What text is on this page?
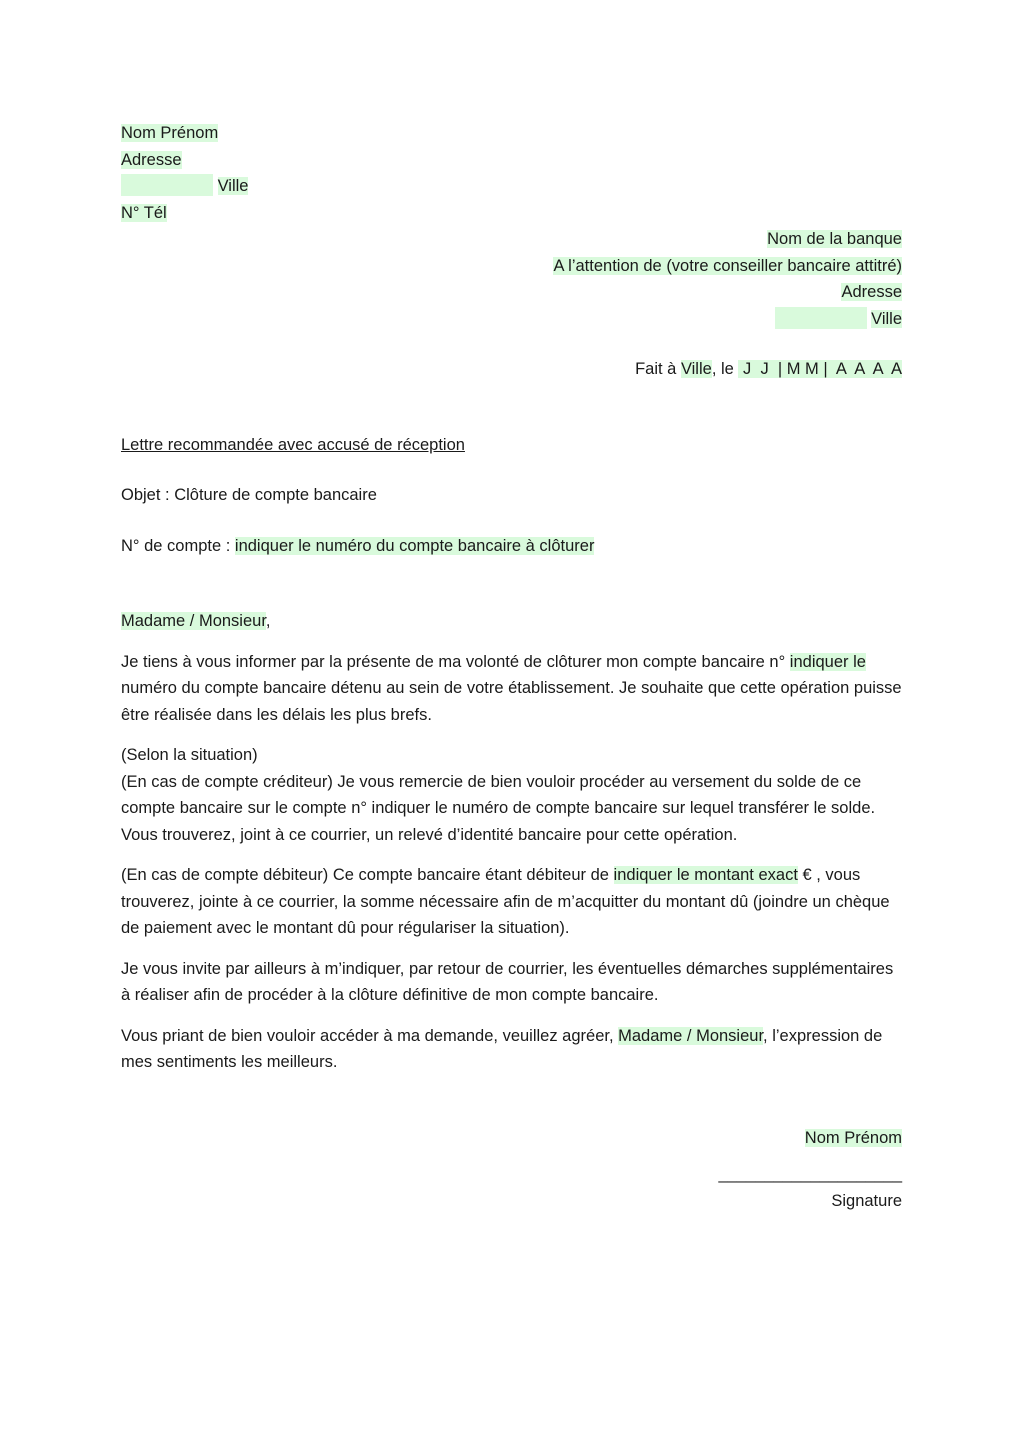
Nom Prénom
Adresse
Ville
N° Tél
Nom de la banque
A l’attention de (votre conseiller bancaire attitré)
Adresse
Ville
Fait à Ville, le  J  J  | M M |  A  A  A  A
Lettre recommandée avec accusé de réception
Objet : Clôture de compte bancaire
N° de compte : indiquer le numéro du compte bancaire à clôturer
Madame / Monsieur,

Je tiens à vous informer par la présente de ma volonté de clôturer mon compte bancaire n° indiquer le numéro du compte bancaire détenu au sein de votre établissement. Je souhaite que cette opération puisse être réalisée dans les délais les plus brefs.

(Selon la situation)

(En cas de compte créditeur) Je vous remercie de bien vouloir procéder au versement du solde de ce compte bancaire sur le compte n° indiquer le numéro de compte bancaire sur lequel transférer le solde. Vous trouverez, joint à ce courrier, un relevé d’identité bancaire pour cette opération.

(En cas de compte débiteur) Ce compte bancaire étant débiteur de indiquer le montant exact € , vous trouverez, jointe à ce courrier, la somme nécessaire afin de m’acquitter du montant dû (joindre un chèque de paiement avec le montant dû pour régulariser la situation).

Je vous invite par ailleurs à m’indiquer, par retour de courrier, les éventuelles démarches supplémentaires à réaliser afin de procéder à la clôture définitive de mon compte bancaire.

Vous priant de bien vouloir accéder à ma demande, veuillez agréer, Madame / Monsieur, l’expression de mes sentiments les meilleurs.

Nom Prénom
____________________
Signature
